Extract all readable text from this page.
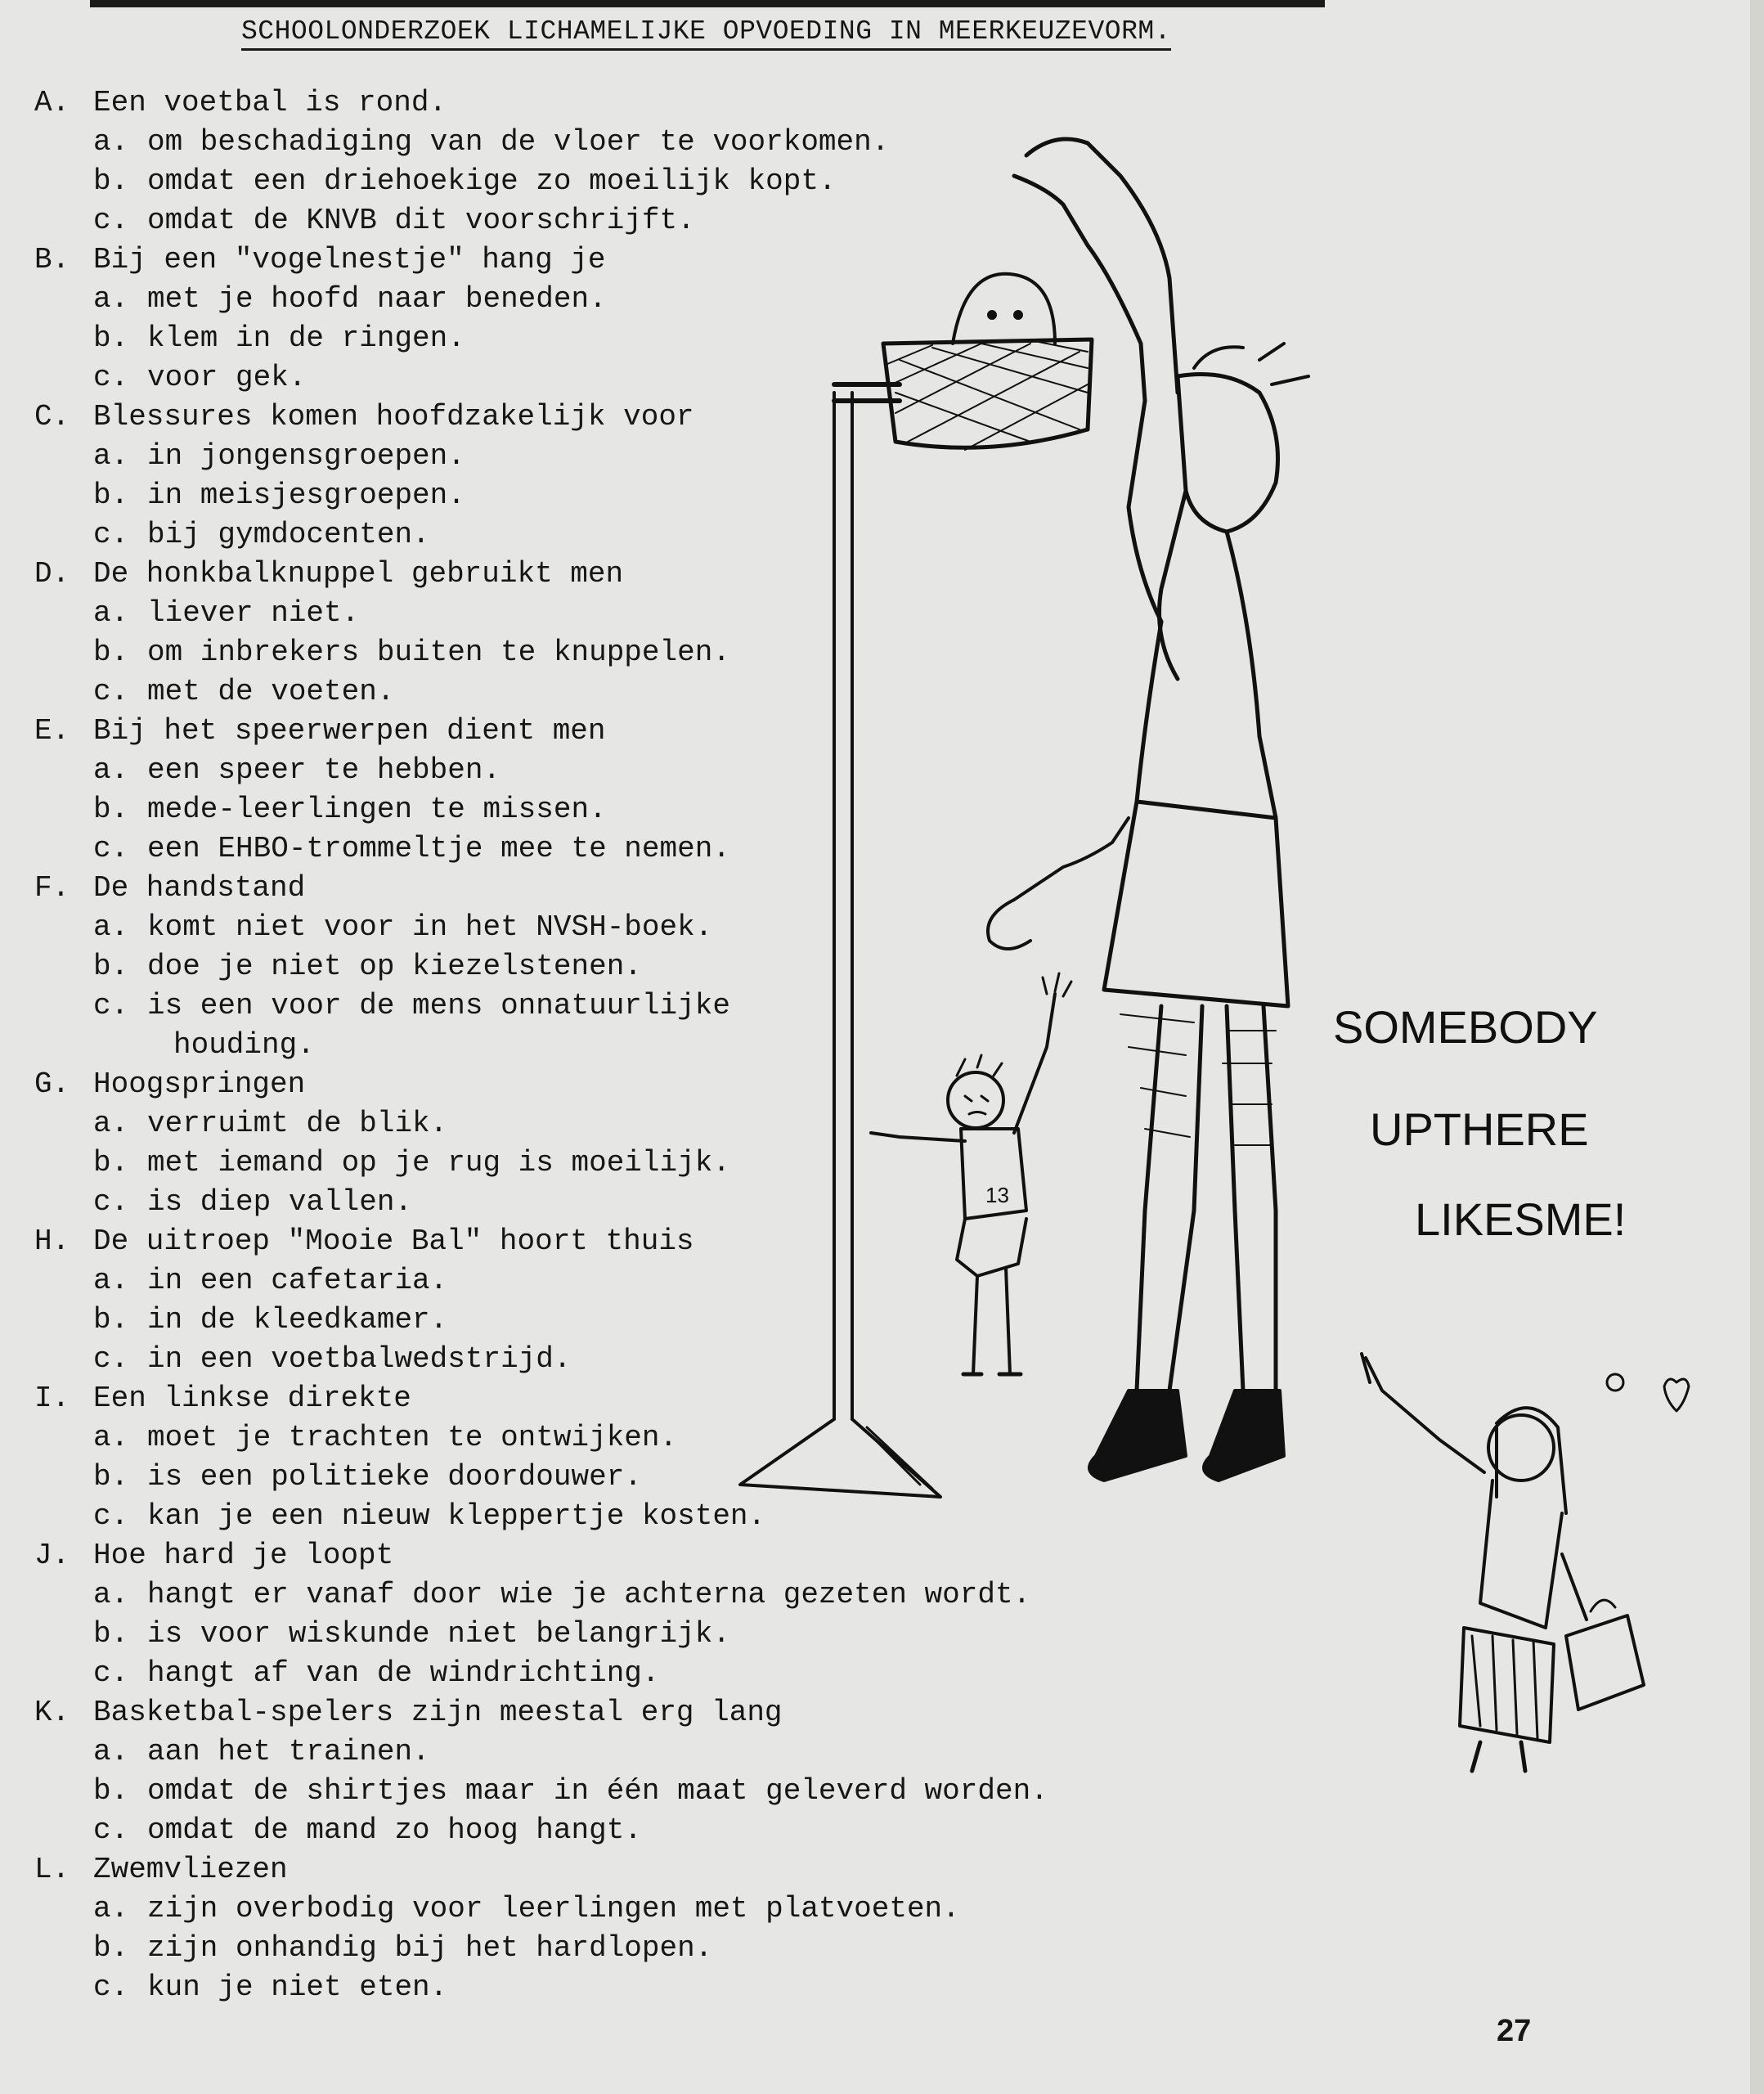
SCHOOLONDERZOEK LICHAMELIJKE OPVOEDING IN MEERKEUZEVORM.
A. Een voetbal is rond.
a. om beschadiging van de vloer te voorkomen.
b. omdat een driehoekige zo moeilijk kopt.
c. omdat de KNVB dit voorschrijft.
B. Bij een "vogelnestje" hang je
a. met je hoofd naar beneden.
b. klem in de ringen.
c. voor gek.
C. Blessures komen hoofdzakelijk voor
a. in jongensgroepen.
b. in meisjesgroepen.
c. bij gymdocenten.
D. De honkbalknuppel gebruikt men
a. liever niet.
b. om inbrekers buiten te knuppelen.
c. met de voeten.
E. Bij het speerwerpen dient men
a. een speer te hebben.
b. mede-leerlingen te missen.
c. een EHBO-trommeltje mee te nemen.
F. De handstand
a. komt niet voor in het NVSH-boek.
b. doe je niet op kiezelstenen.
c. is een voor de mens onnatuurlijke
houding.
G. Hoogspringen
a. verruimt de blik.
b. met iemand op je rug is moeilijk.
c. is diep vallen.
H. De uitroep "Mooie Bal" hoort thuis
a. in een cafetaria.
b. in de kleedkamer.
c. in een voetbalwedstrijd.
I. Een linkse direkte
a. moet je trachten te ontwijken.
b. is een politieke doordouwer.
c. kan je een nieuw kleppertje kosten.
J. Hoe hard je loopt
a. hangt er vanaf door wie je achterna gezeten wordt.
b. is voor wiskunde niet belangrijk.
c. hangt af van de windrichting.
K. Basketbal-spelers zijn meestal erg lang
a. aan het trainen.
b. omdat de shirtjes maar in één maat geleverd worden.
c. omdat de mand zo hoog hangt.
L. Zwemvliezen
a. zijn overbodig voor leerlingen met platvoeten.
b. zijn onhandig bij het hardlopen.
c. kun je niet eten.
13
SOMEBODY
UPTHERE
LIKESME!
27
